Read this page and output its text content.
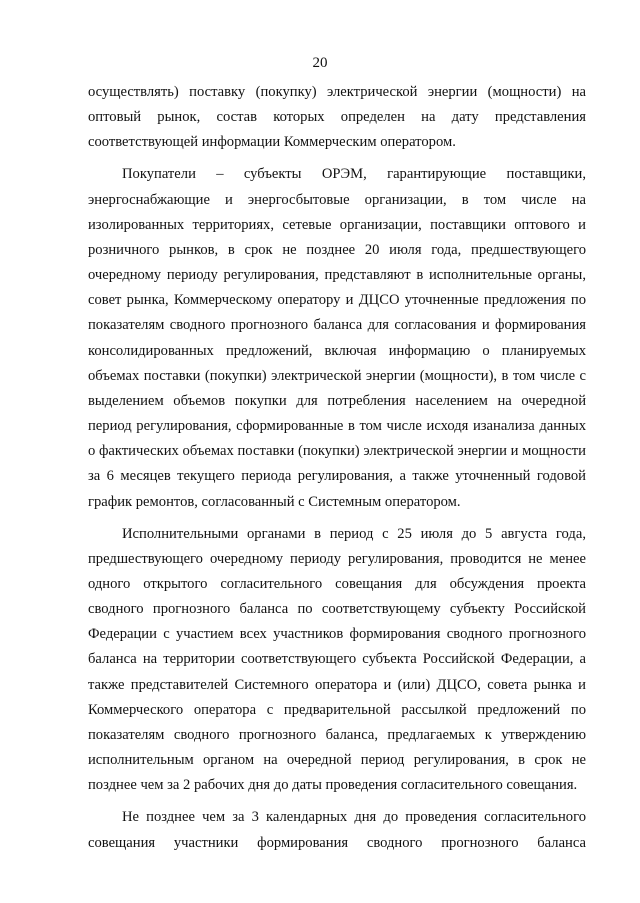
20

осуществлять) поставку (покупку) электрической энергии (мощности) на оптовый рынок, состав которых определен на дату представления соответствующей информации Коммерческим оператором.

Покупатели – субъекты ОРЭМ, гарантирующие поставщики, энергоснабжающие и энергосбытовые организации, в том числе на изолированных территориях, сетевые организации, поставщики оптового и розничного рынков, в срок не позднее 20 июля года, предшествующего очередному периоду регулирования, представляют в исполнительные органы, совет рынка, Коммерческому оператору и ДЦСО уточненные предложения по показателям сводного прогнозного баланса для согласования и формирования консолидированных предложений, включая информацию о планируемых объемах поставки (покупки) электрической энергии (мощности), в том числе с выделением объемов покупки для потребления населением на очередной период регулирования, сформированные в том числе исходя изанализа данных о фактических объемах поставки (покупки) электрической энергии и мощности за 6 месяцев текущего периода регулирования, а также уточненный годовой график ремонтов, согласованный с Системным оператором.

Исполнительными органами в период с 25 июля до 5 августа года, предшествующего очередному периоду регулирования, проводится не менее одного открытого согласительного совещания для обсуждения проекта сводного прогнозного баланса по соответствующему субъекту Российской Федерации с участием всех участников формирования сводного прогнозного баланса на территории соответствующего субъекта Российской Федерации, а также представителей Системного оператора и (или) ДЦСО, совета рынка и Коммерческого оператора с предварительной рассылкой предложений по показателям сводного прогнозного баланса, предлагаемых к утверждению исполнительным органом на очередной период регулирования, в срок не позднее чем за 2 рабочих дня до даты проведения согласительного совещания.

Не позднее чем за 3 календарных дня до проведения согласительного совещания участники формирования сводного прогнозного баланса
